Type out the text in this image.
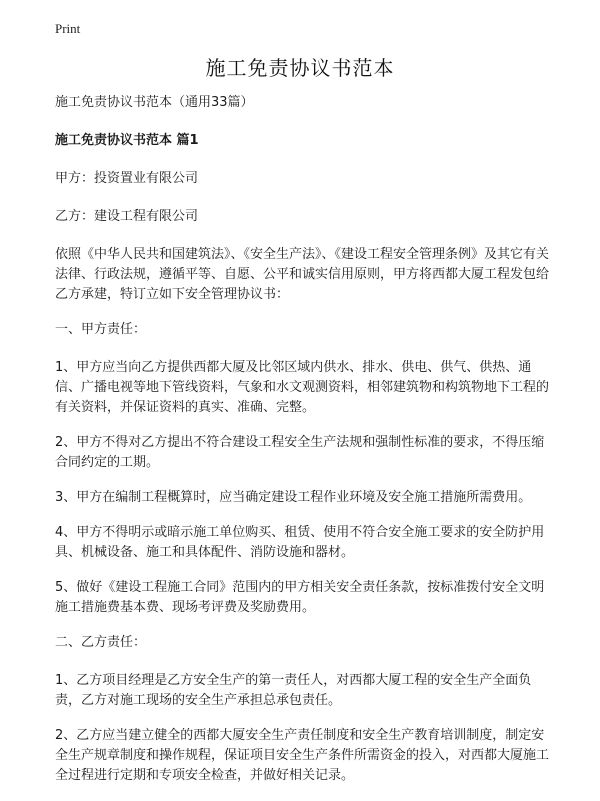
Print
施工免责协议书范本

施工免责协议书范本（通用33篇）

施工免责协议书范本 篇1

甲方：投资置业有限公司

乙方：建设工程有限公司

依照《中华人民共和国建筑法》、《安全生产法》、《建设工程安全管理条例》及其它有关法律、行政法规，遵循平等、自愿、公平和诚实信用原则，甲方将西都大厦工程发包给乙方承建，特订立如下安全管理协议书：

一、甲方责任：

1、甲方应当向乙方提供西都大厦及比邻区域内供水、排水、供电、供气、供热、通信、广播电视等地下管线资料，气象和水文观测资料，相邻建筑物和构筑物地下工程的有关资料，并保证资料的真实、准确、完整。

2、甲方不得对乙方提出不符合建设工程安全生产法规和强制性标准的要求，不得压缩合同约定的工期。

3、甲方在编制工程概算时，应当确定建设工程作业环境及安全施工措施所需费用。

4、甲方不得明示或暗示施工单位购买、租赁、使用不符合安全施工要求的安全防护用具、机械设备、施工和具体配件、消防设施和器材。

5、做好《建设工程施工合同》范围内的甲方相关安全责任条款，按标准拨付安全文明施工措施费基本费、现场考评费及奖励费用。

二、乙方责任：

1、乙方项目经理是乙方安全生产的第一责任人，对西都大厦工程的安全生产全面负责，乙方对施工现场的安全生产承担总承包责任。

2、乙方应当建立健全的西都大厦安全生产责任制度和安全生产教育培训制度，制定安全生产规章制度和操作规程，保证项目安全生产条件所需资金的投入，对西都大厦施工全过程进行定期和专项安全检查，并做好相关记录。
